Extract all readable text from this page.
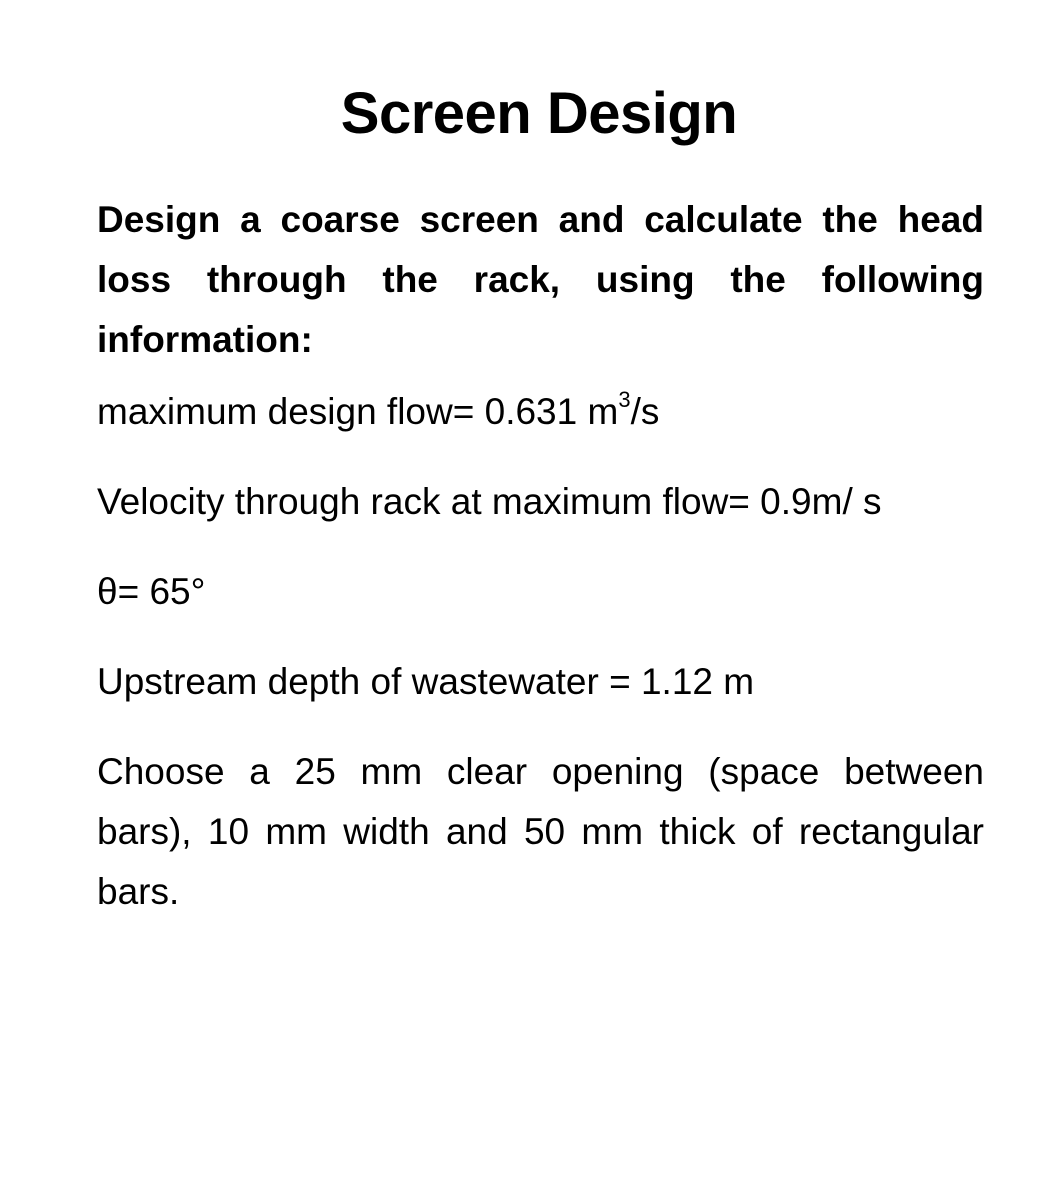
Screen Design

Design a coarse screen and calculate the head loss through the rack, using the following information:

maximum design flow= 0.631 $m^3/s$

Velocity through rack at maximum flow= 0.9m/ s

θ= 65°

Upstream depth of wastewater = 1.12 m

Choose a 25 mm clear opening (space between bars), 10 mm width and 50 mm thick of rectangular bars.
